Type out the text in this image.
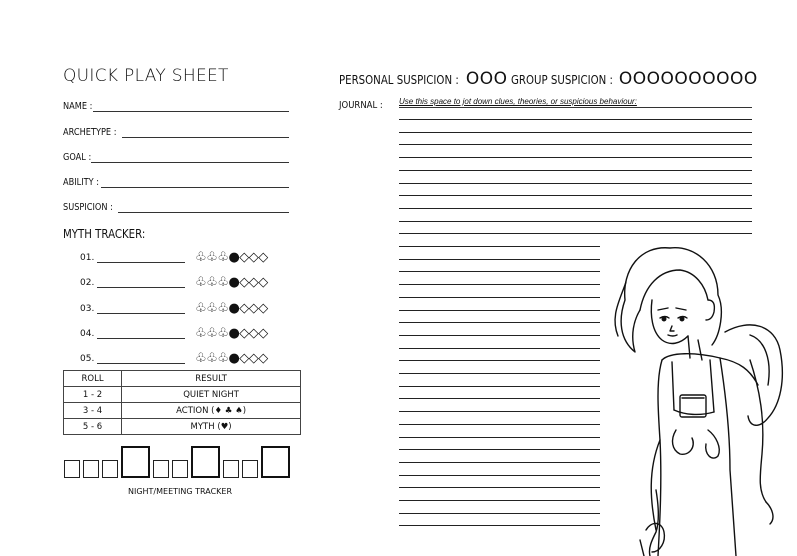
QUICK PLAY SHEET
NAME :
ARCHETYPE :
GOAL :
ABILITY :
SUSPICION :
MYTH TRACKER:
01.	♧♧♧●◇◇◇
02.	♧♧♧●◇◇◇
03.	♧♧♧●◇◇◇
04.	♧♧♧●◇◇◇
05.	♧♧♧●◇◇◇
ROLL	RESULT
1 - 2	QUIET NIGHT
3 - 4	ACTION (♦ ♣ ♠)
5 - 6	MYTH (♥)
NIGHT/MEETING TRACKER
PERSONAL SUSPICION : OOO GROUP SUSPICION : OOOOOOOOOO
JOURNAL : Use this space to jot down clues, theories, or suspicious behaviour:
